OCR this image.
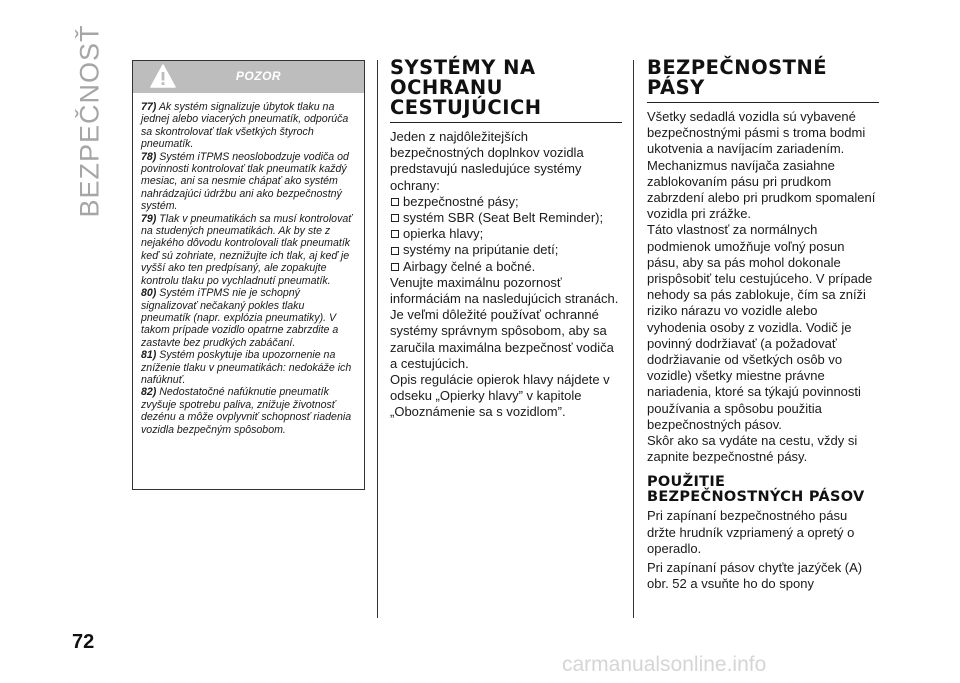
BEZPEČNOSŤ
72
POZOR

77) Ak systém signalizuje úbytok tlaku na jednej alebo viacerých pneumatík, odporúča sa skontrolovať tlak všetkých štyroch pneumatík.

78) Systém iTPMS neoslobodzuje vodiča od povinnosti kontrolovať tlak pneumatík každý mesiac, ani sa nesmie chápať ako systém nahrádzajúci údržbu ani ako bezpečnostný systém.

79) Tlak v pneumatikách sa musí kontrolovať na studených pneumatikách. Ak by ste z nejakého dôvodu kontrolovali tlak pneumatík keď sú zohriate, neznižujte ich tlak, aj keď je vyšší ako ten predpísaný, ale zopakujte kontrolu tlaku po vychladnutí pneumatík.

80) Systém iTPMS nie je schopný signalizovať nečakaný pokles tlaku pneumatík (napr. explózia pneumatiky). V takom prípade vozidlo opatrne zabrzdite a zastavte bez prudkých zabáčaní.

81) Systém poskytuje iba upozornenie na zníženie tlaku v pneumatikách: nedokáže ich nafúknuť.

82) Nedostatočné nafúknutie pneumatík zvyšuje spotrebu paliva, znižuje životnosť dezénu a môže ovplyvniť schopnosť riadenia vozidla bezpečným spôsobom.

SYSTÉMY NA OCHRANU CESTUJÚCICH

Jeden z najdôležitejších bezpečnostných doplnkov vozidla predstavujú nasledujúce systémy ochrany:

bezpečnostné pásy;
systém SBR (Seat Belt Reminder);
opierka hlavy;
systémy na pripútanie detí;
Airbagy čelné a bočné.

Venujte maximálnu pozornosť informáciám na nasledujúcich stranách. Je veľmi dôležité používať ochranné systémy správnym spôsobom, aby sa zaručila maximálna bezpečnosť vodiča a cestujúcich.

Opis regulácie opierok hlavy nájdete v odseku „Opierky hlavy” v kapitole „Oboznámenie sa s vozidlom”.

BEZPEČNOSTNÉ PÁSY

Všetky sedadlá vozidla sú vybavené bezpečnostnými pásmi s troma bodmi ukotvenia a navíjacím zariadením. Mechanizmus navíjača zasiahne zablokovaním pásu pri prudkom zabrzdení alebo pri prudkom spomalení vozidla pri zrážke.

Táto vlastnosť za normálnych podmienok umožňuje voľný posun pásu, aby sa pás mohol dokonale prispôsobiť telu cestujúceho. V prípade nehody sa pás zablokuje, čím sa zníži riziko nárazu vo vozidle alebo vyhodenia osoby z vozidla. Vodič je povinný dodržiavať (a požadovať dodržiavanie od všetkých osôb vo vozidle) všetky miestne právne nariadenia, ktoré sa týkajú povinnosti používania a spôsobu použitia bezpečnostných pásov.

Skôr ako sa vydáte na cestu, vždy si zapnite bezpečnostné pásy.

POUŽITIE BEZPEČNOSTNÝCH PÁSOV

Pri zapínaní bezpečnostného pásu držte hrudník vzpriamený a opretý o operadlo.

Pri zapínaní pásov chyťte jazýček (A) obr. 52 a vsuňte ho do spony

carmanualsonline.info
